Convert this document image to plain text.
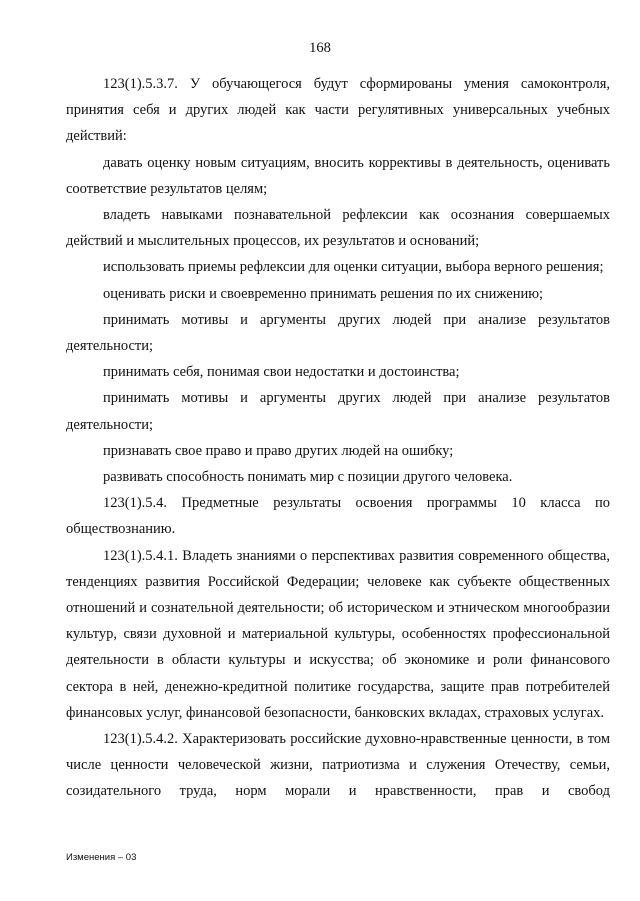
168

123(1).5.3.7. У обучающегося будут сформированы умения самоконтроля, принятия себя и других людей как части регулятивных универсальных учебных действий:

давать оценку новым ситуациям, вносить коррективы в деятельность, оценивать соответствие результатов целям;

владеть навыками познавательной рефлексии как осознания совершаемых действий и мыслительных процессов, их результатов и оснований;

использовать приемы рефлексии для оценки ситуации, выбора верного решения;

оценивать риски и своевременно принимать решения по их снижению;

принимать мотивы и аргументы других людей при анализе результатов деятельности;

принимать себя, понимая свои недостатки и достоинства;

принимать мотивы и аргументы других людей при анализе результатов деятельности;

признавать свое право и право других людей на ошибку;

развивать способность понимать мир с позиции другого человека.

123(1).5.4. Предметные результаты освоения программы 10 класса по обществознанию.

123(1).5.4.1. Владеть знаниями о перспективах развития современного общества, тенденциях развития Российской Федерации; человеке как субъекте общественных отношений и сознательной деятельности; об историческом и этническом многообразии культур, связи духовной и материальной культуры, особенностях профессиональной деятельности в области культуры и искусства; об экономике и роли финансового сектора в ней, денежно-кредитной политике государства, защите прав потребителей финансовых услуг, финансовой безопасности, банковских вкладах, страховых услугах.

123(1).5.4.2. Характеризовать российские духовно-нравственные ценности, в том числе ценности человеческой жизни, патриотизма и служения Отечеству, семьи, созидательного труда, норм морали и нравственности, прав и свобод

Изменения – 03
